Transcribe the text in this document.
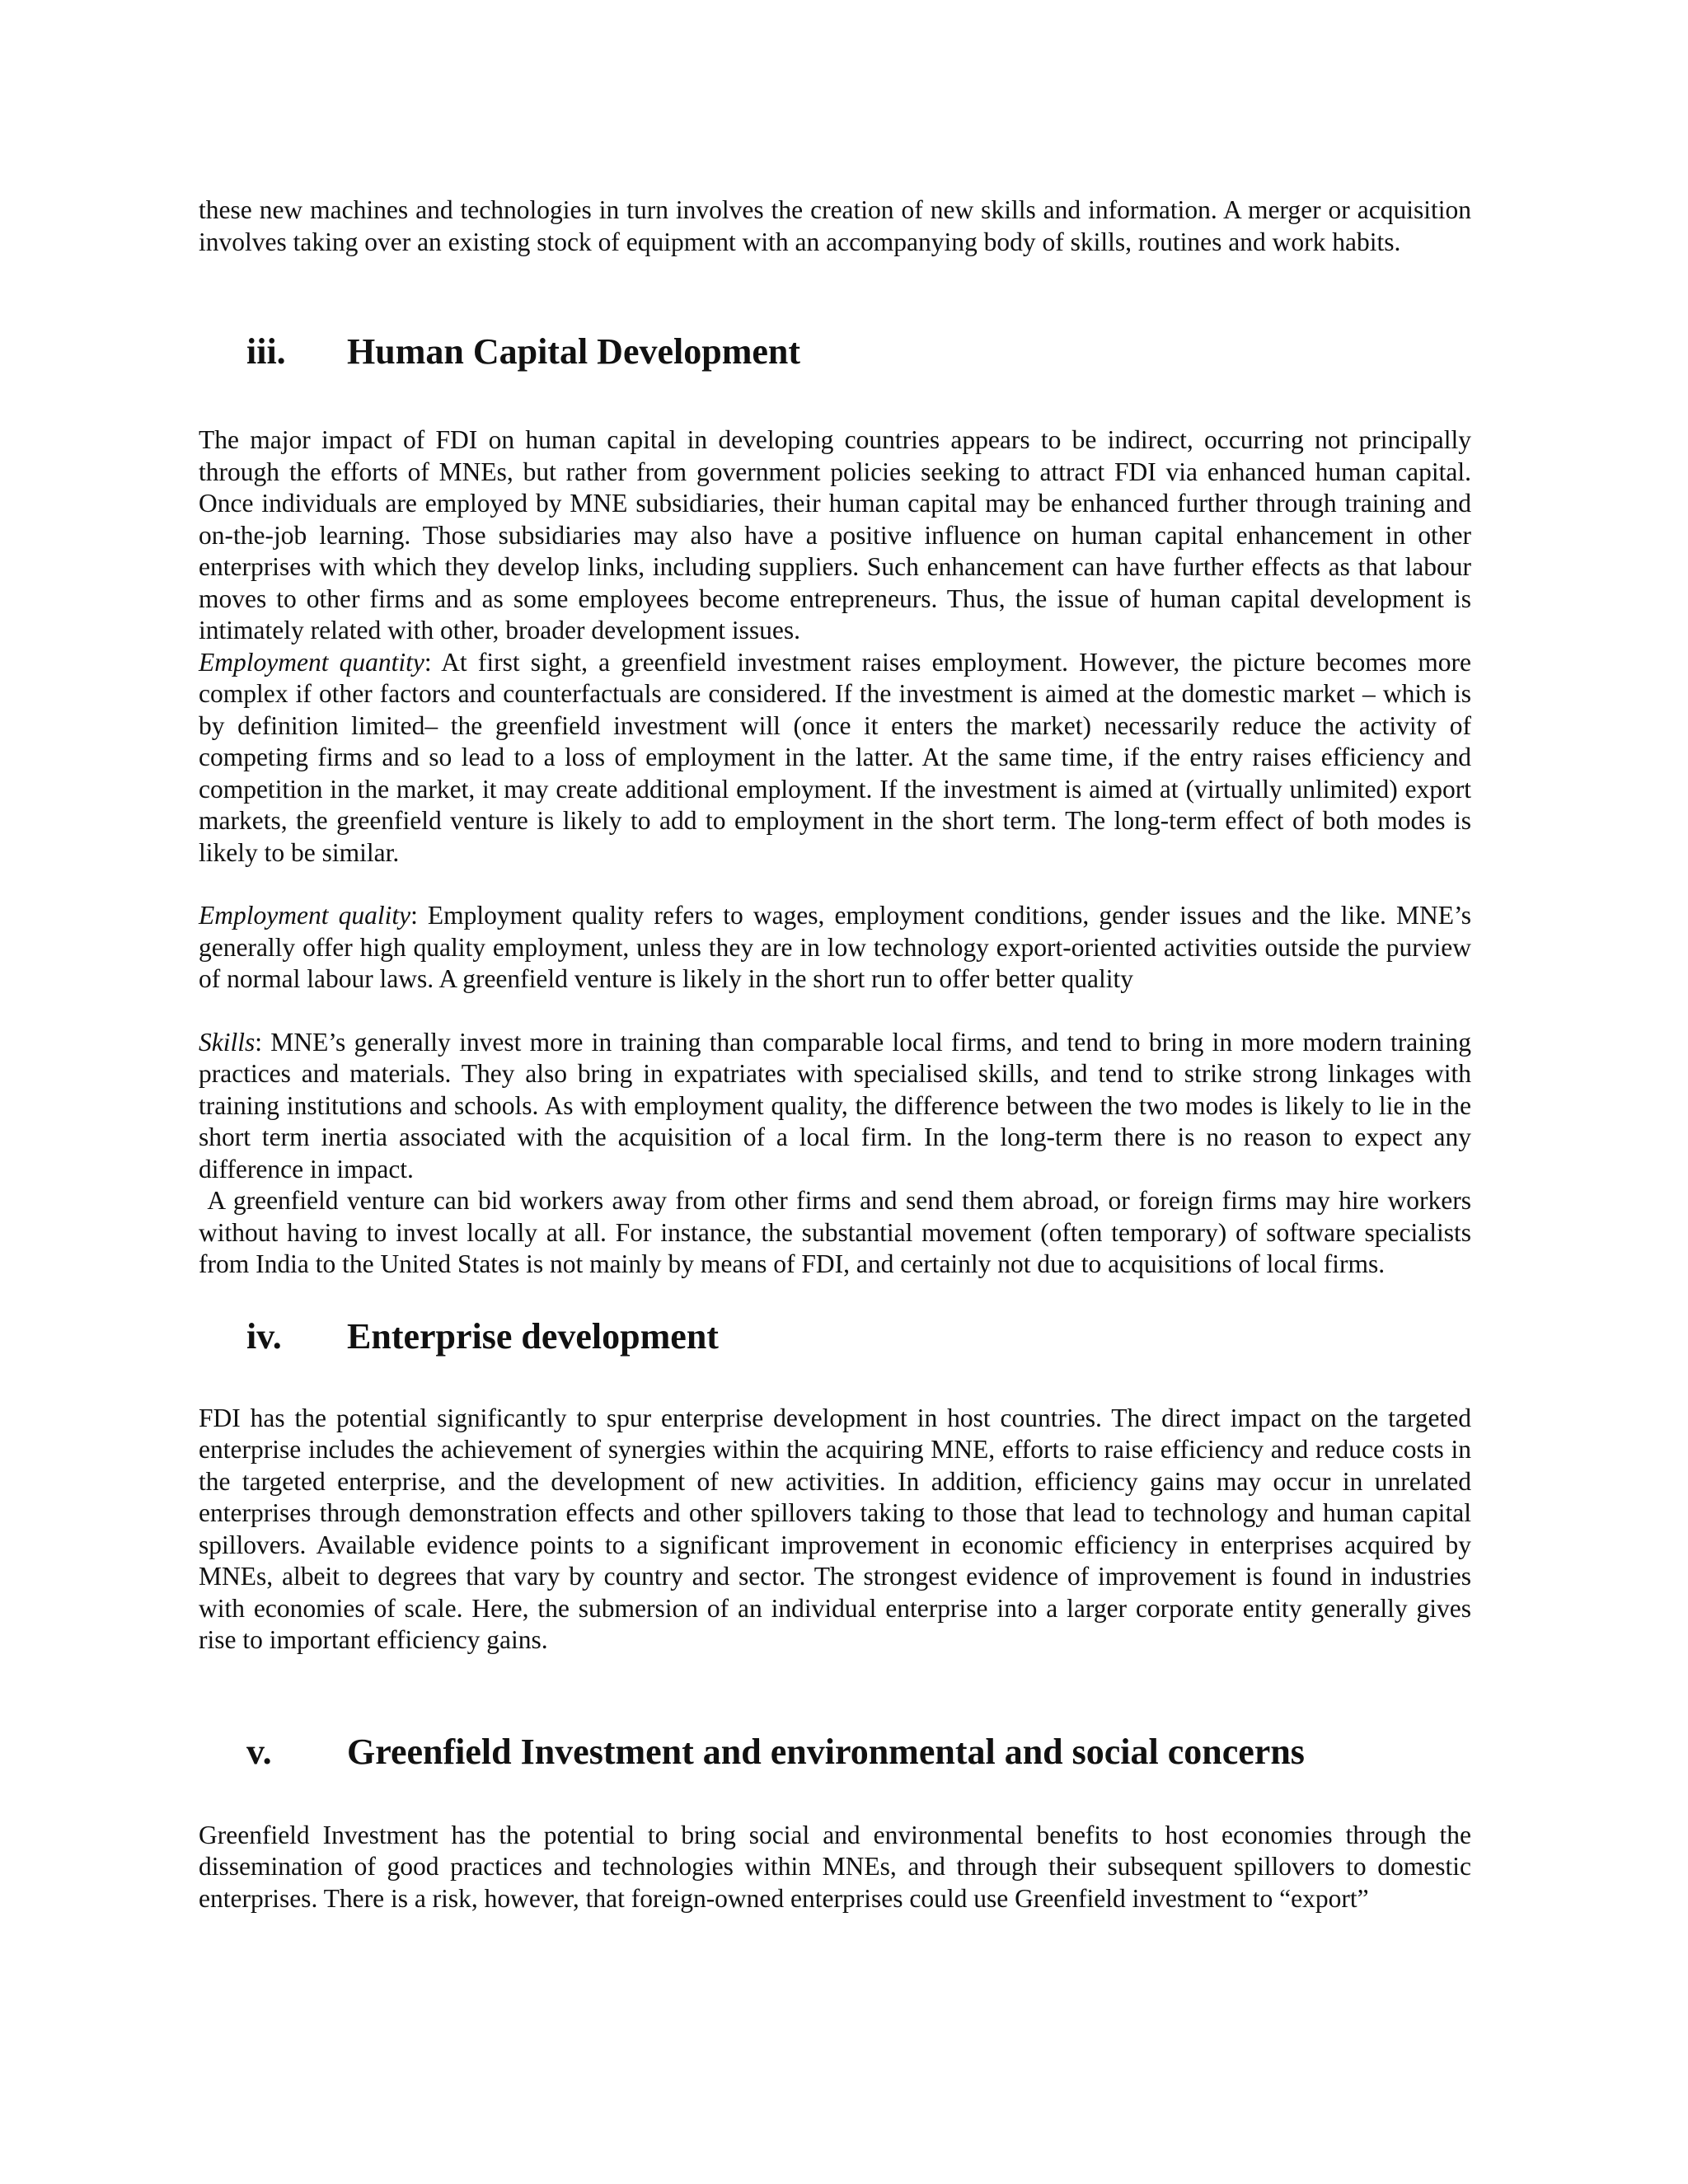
these new machines and technologies in turn involves the creation of new skills and information. A merger or acquisition involves taking over an existing stock of equipment with an accompanying body of skills, routines and work habits.

iii.	Human Capital Development

The major impact of FDI on human capital in developing countries appears to be indirect, occurring not principally through the efforts of MNEs, but rather from government policies seeking to attract FDI via enhanced human capital. Once individuals are employed by MNE subsidiaries, their human capital may be enhanced further through training and on-the-job learning. Those subsidiaries may also have a positive influence on human capital enhancement in other enterprises with which they develop links, including suppliers. Such enhancement can have further effects as that labour moves to other firms and as some employees become entrepreneurs. Thus, the issue of human capital development is intimately related with other, broader development issues.

Employment quantity: At first sight, a greenfield investment raises employment. However, the picture becomes more complex if other factors and counterfactuals are considered. If the investment is aimed at the domestic market – which is by definition limited– the greenfield investment will (once it enters the market) necessarily reduce the activity of competing firms and so lead to a loss of employment in the latter. At the same time, if the entry raises efficiency and competition in the market, it may create additional employment. If the investment is aimed at (virtually unlimited) export markets, the greenfield venture is likely to add to employment in the short term. The long-term effect of both modes is likely to be similar.

Employment quality: Employment quality refers to wages, employment conditions, gender issues and the like. MNE’s generally offer high quality employment, unless they are in low technology export-oriented activities outside the purview of normal labour laws. A greenfield venture is likely in the short run to offer better quality

Skills: MNE’s generally invest more in training than comparable local firms, and tend to bring in more modern training practices and materials. They also bring in expatriates with specialised skills, and tend to strike strong linkages with training institutions and schools. As with employment quality, the difference between the two modes is likely to lie in the short term inertia associated with the acquisition of a local firm. In the long-term there is no reason to expect any difference in impact.

A greenfield venture can bid workers away from other firms and send them abroad, or foreign firms may hire workers without having to invest locally at all. For instance, the substantial movement (often temporary) of software specialists from India to the United States is not mainly by means of FDI, and certainly not due to acquisitions of local firms.

iv.	Enterprise development

FDI has the potential significantly to spur enterprise development in host countries. The direct impact on the targeted enterprise includes the achievement of synergies within the acquiring MNE, efforts to raise efficiency and reduce costs in the targeted enterprise, and the development of new activities. In addition, efficiency gains may occur in unrelated enterprises through demonstration effects and other spillovers taking to those that lead to technology and human capital spillovers. Available evidence points to a significant improvement in economic efficiency in enterprises acquired by MNEs, albeit to degrees that vary by country and sector. The strongest evidence of improvement is found in industries with economies of scale. Here, the submersion of an individual enterprise into a larger corporate entity generally gives rise to important efficiency gains.

v.	Greenfield Investment and environmental and social concerns

Greenfield Investment has the potential to bring social and environmental benefits to host economies through the dissemination of good practices and technologies within MNEs, and through their subsequent spillovers to domestic enterprises. There is a risk, however, that foreign-owned enterprises could use Greenfield investment to “export”
